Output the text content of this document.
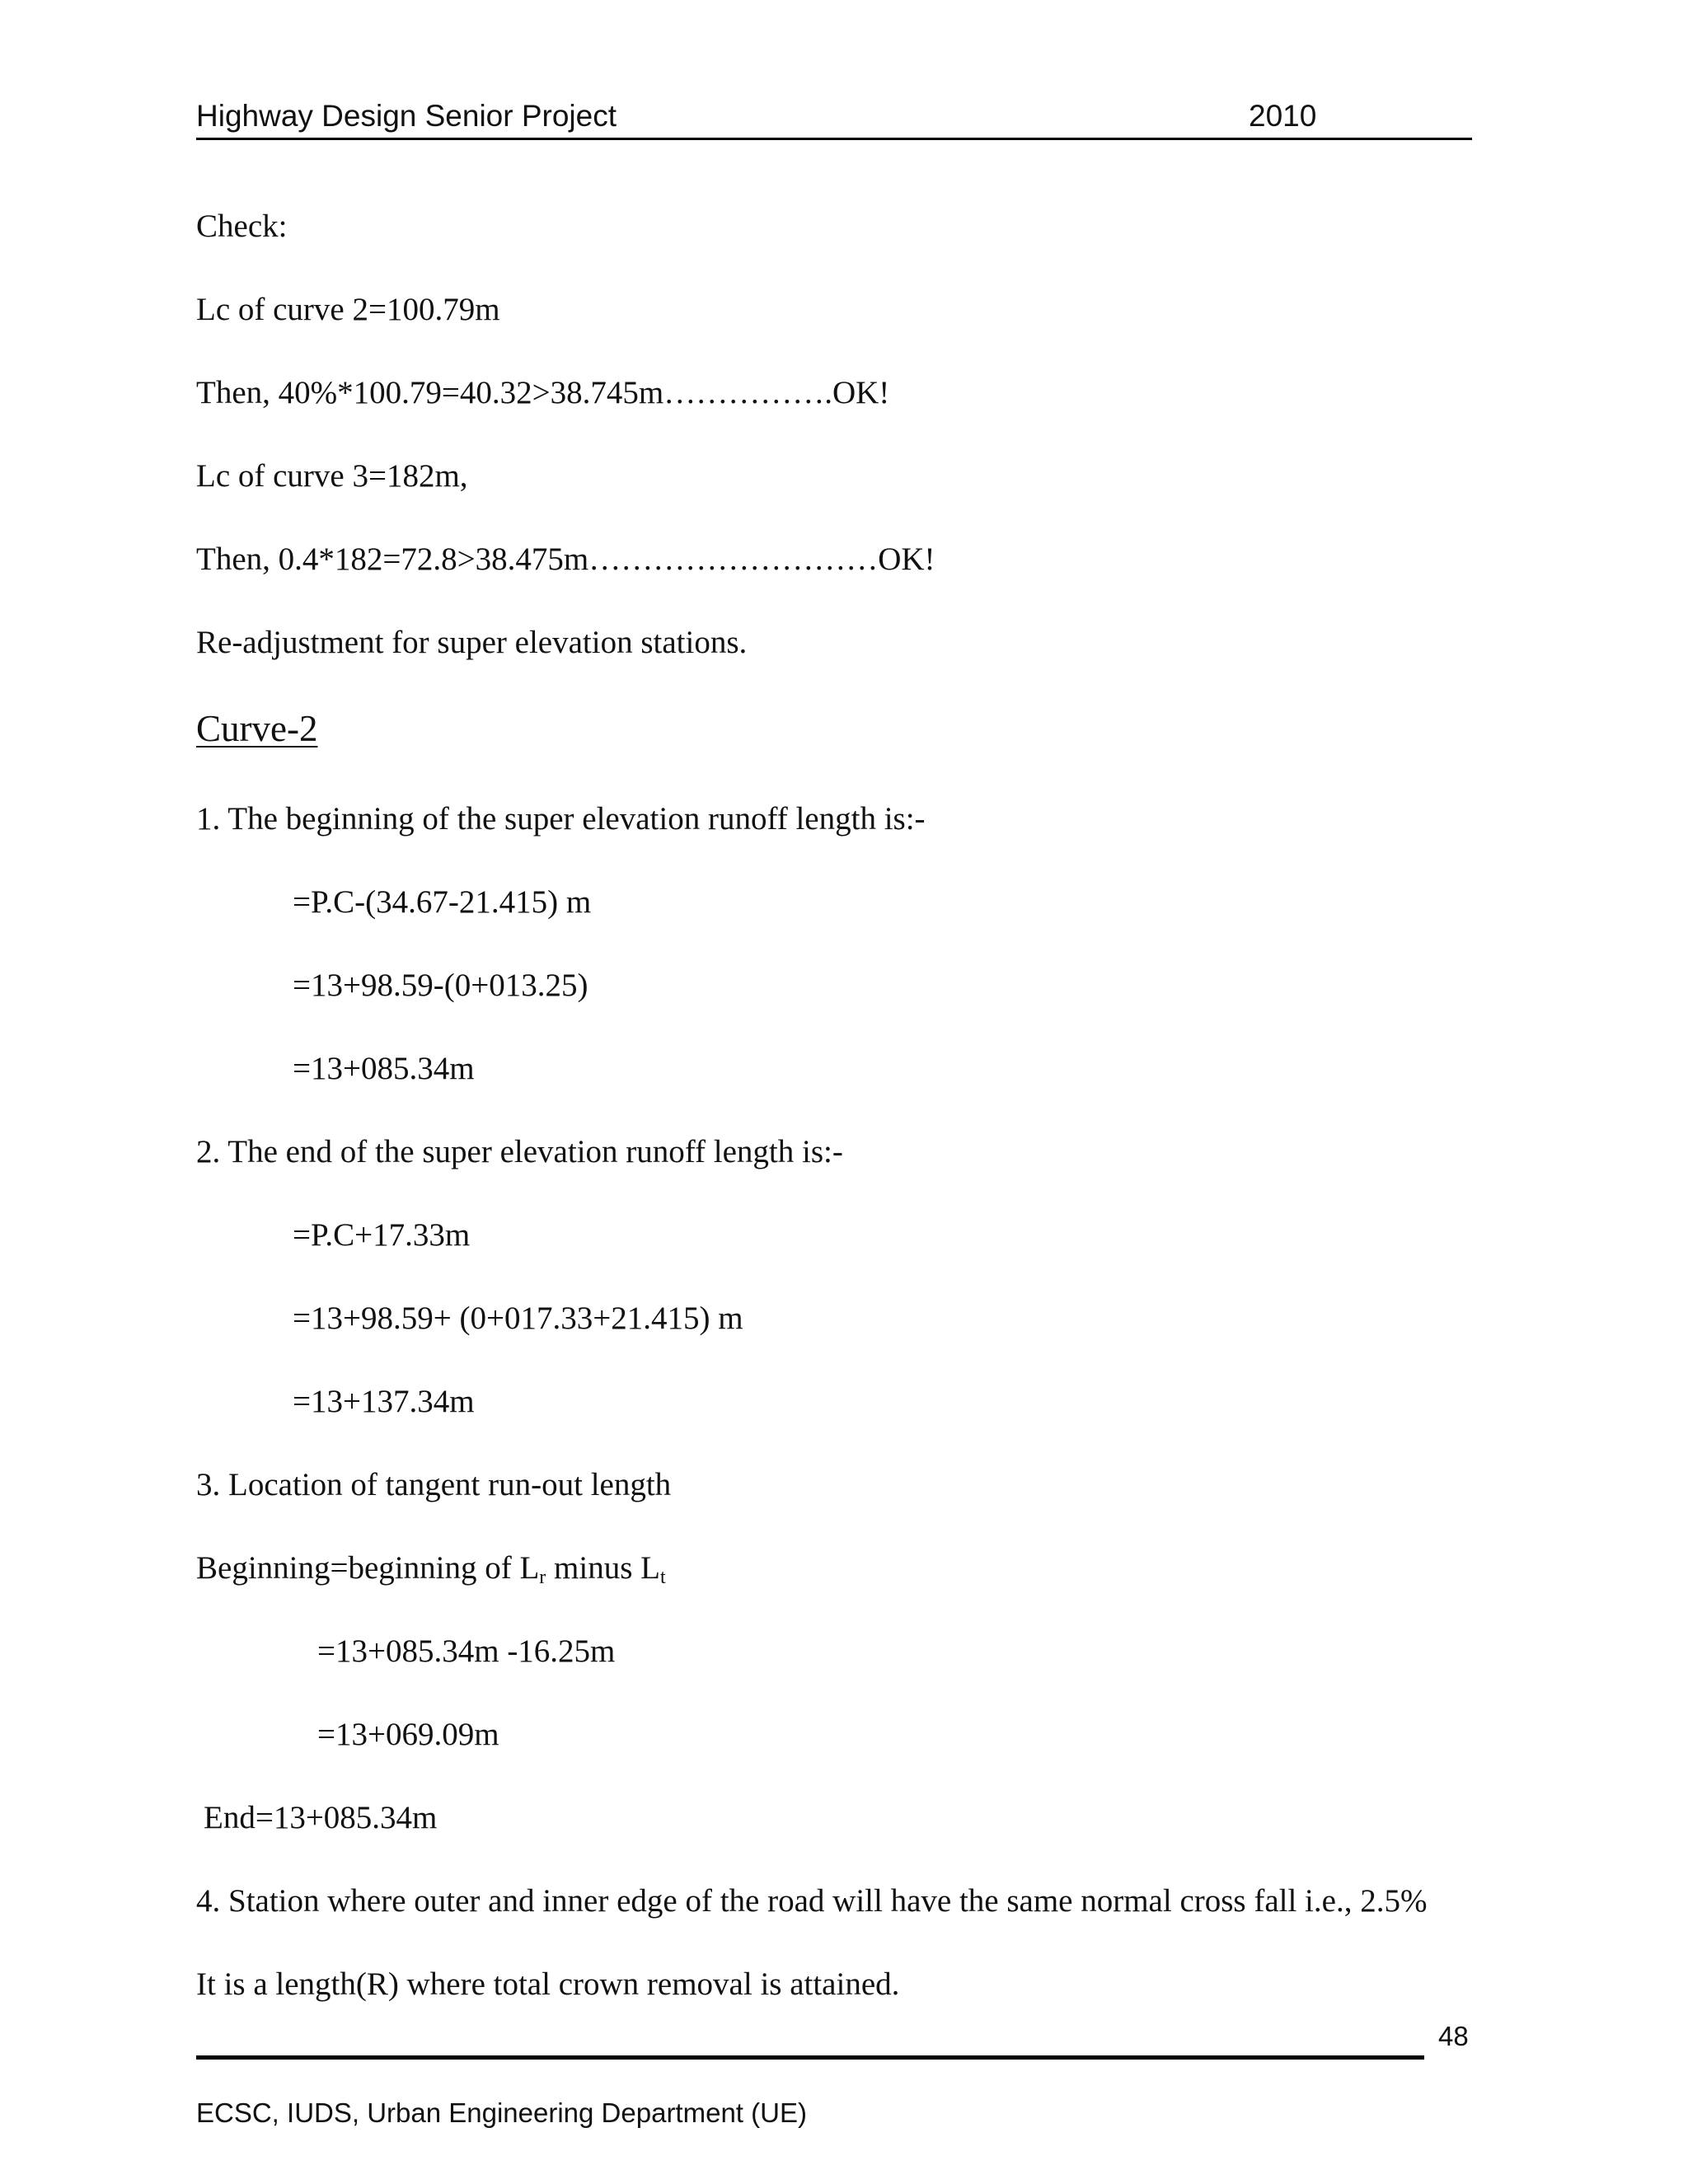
Highway Design Senior Project	2010
Check:
Lc of curve 2=100.79m
Then, 40%*100.79=40.32>38.745m…………….OK!
Lc of curve 3=182m,
Then, 0.4*182=72.8>38.475m………………………OK!
Re-adjustment for super elevation stations.
Curve-2
1. The beginning of the super elevation runoff length is:-
=P.C-(34.67-21.415) m
=13+98.59-(0+013.25)
=13+085.34m
2. The end of the super elevation runoff length is:-
=P.C+17.33m
=13+98.59+ (0+017.33+21.415) m
=13+137.34m
3. Location of tangent run-out length
Beginning=beginning of $L_r$ minus $L_t$
=13+085.34m -16.25m
=13+069.09m
End=13+085.34m
4. Station where outer and inner edge of the road will have the same normal cross fall i.e., 2.5%
It is a length(R) where total crown removal is attained.
48
ECSC, IUDS, Urban Engineering Department (UE)
